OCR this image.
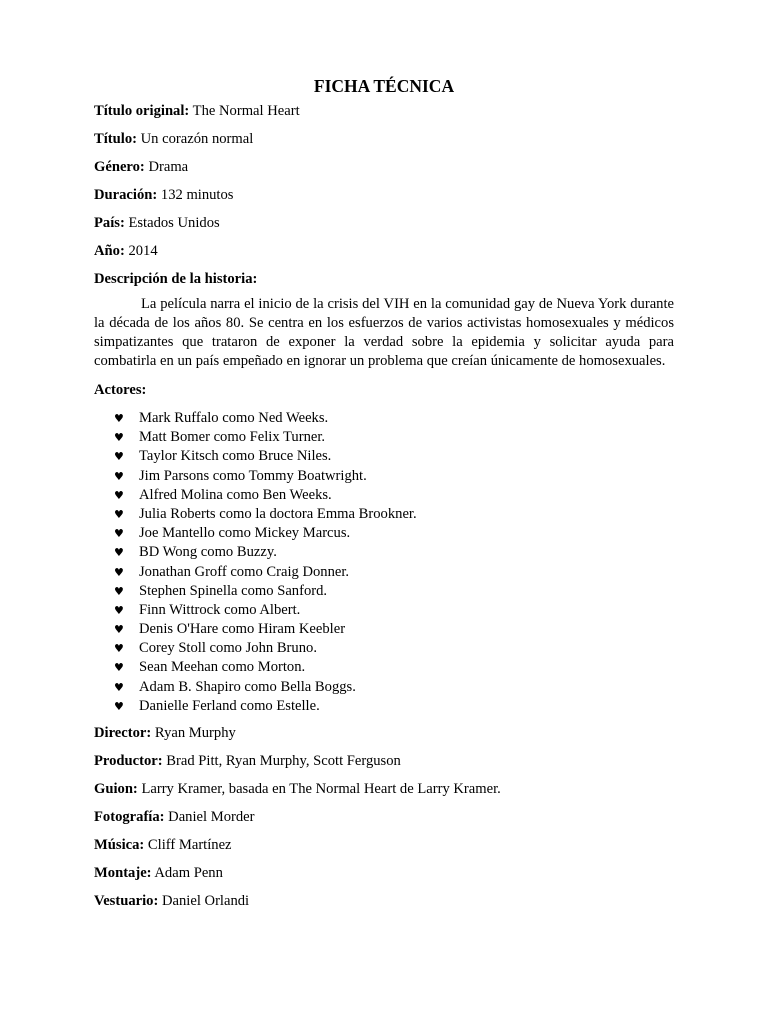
FICHA TÉCNICA
Título original: The Normal Heart
Título: Un corazón normal
Género: Drama
Duración: 132 minutos
País: Estados Unidos
Año: 2014
Descripción de la historia:
La película narra el inicio de la crisis del VIH en la comunidad gay de Nueva York durante la década de los años 80. Se centra en los esfuerzos de varios activistas homosexuales y médicos simpatizantes que trataron de exponer la verdad sobre la epidemia y solicitar ayuda para combatirla en un país empeñado en ignorar un problema que creían únicamente de homosexuales.
Actores:
♥ Mark Ruffalo como Ned Weeks.
♥ Matt Bomer como Felix Turner.
♥ Taylor Kitsch como Bruce Niles.
♥ Jim Parsons como Tommy Boatwright.
♥ Alfred Molina como Ben Weeks.
♥ Julia Roberts como la doctora Emma Brookner.
♥ Joe Mantello como Mickey Marcus.
♥ BD Wong como Buzzy.
♥ Jonathan Groff como Craig Donner.
♥ Stephen Spinella como Sanford.
♥ Finn Wittrock como Albert.
♥ Denis O'Hare como Hiram Keebler
♥ Corey Stoll como John Bruno.
♥ Sean Meehan como Morton.
♥ Adam B. Shapiro como Bella Boggs.
♥ Danielle Ferland como Estelle.
Director: Ryan Murphy
Productor: Brad Pitt, Ryan Murphy, Scott Ferguson
Guion: Larry Kramer, basada en The Normal Heart de Larry Kramer.
Fotografía: Daniel Morder
Música: Cliff Martínez
Montaje: Adam Penn
Vestuario: Daniel Orlandi
